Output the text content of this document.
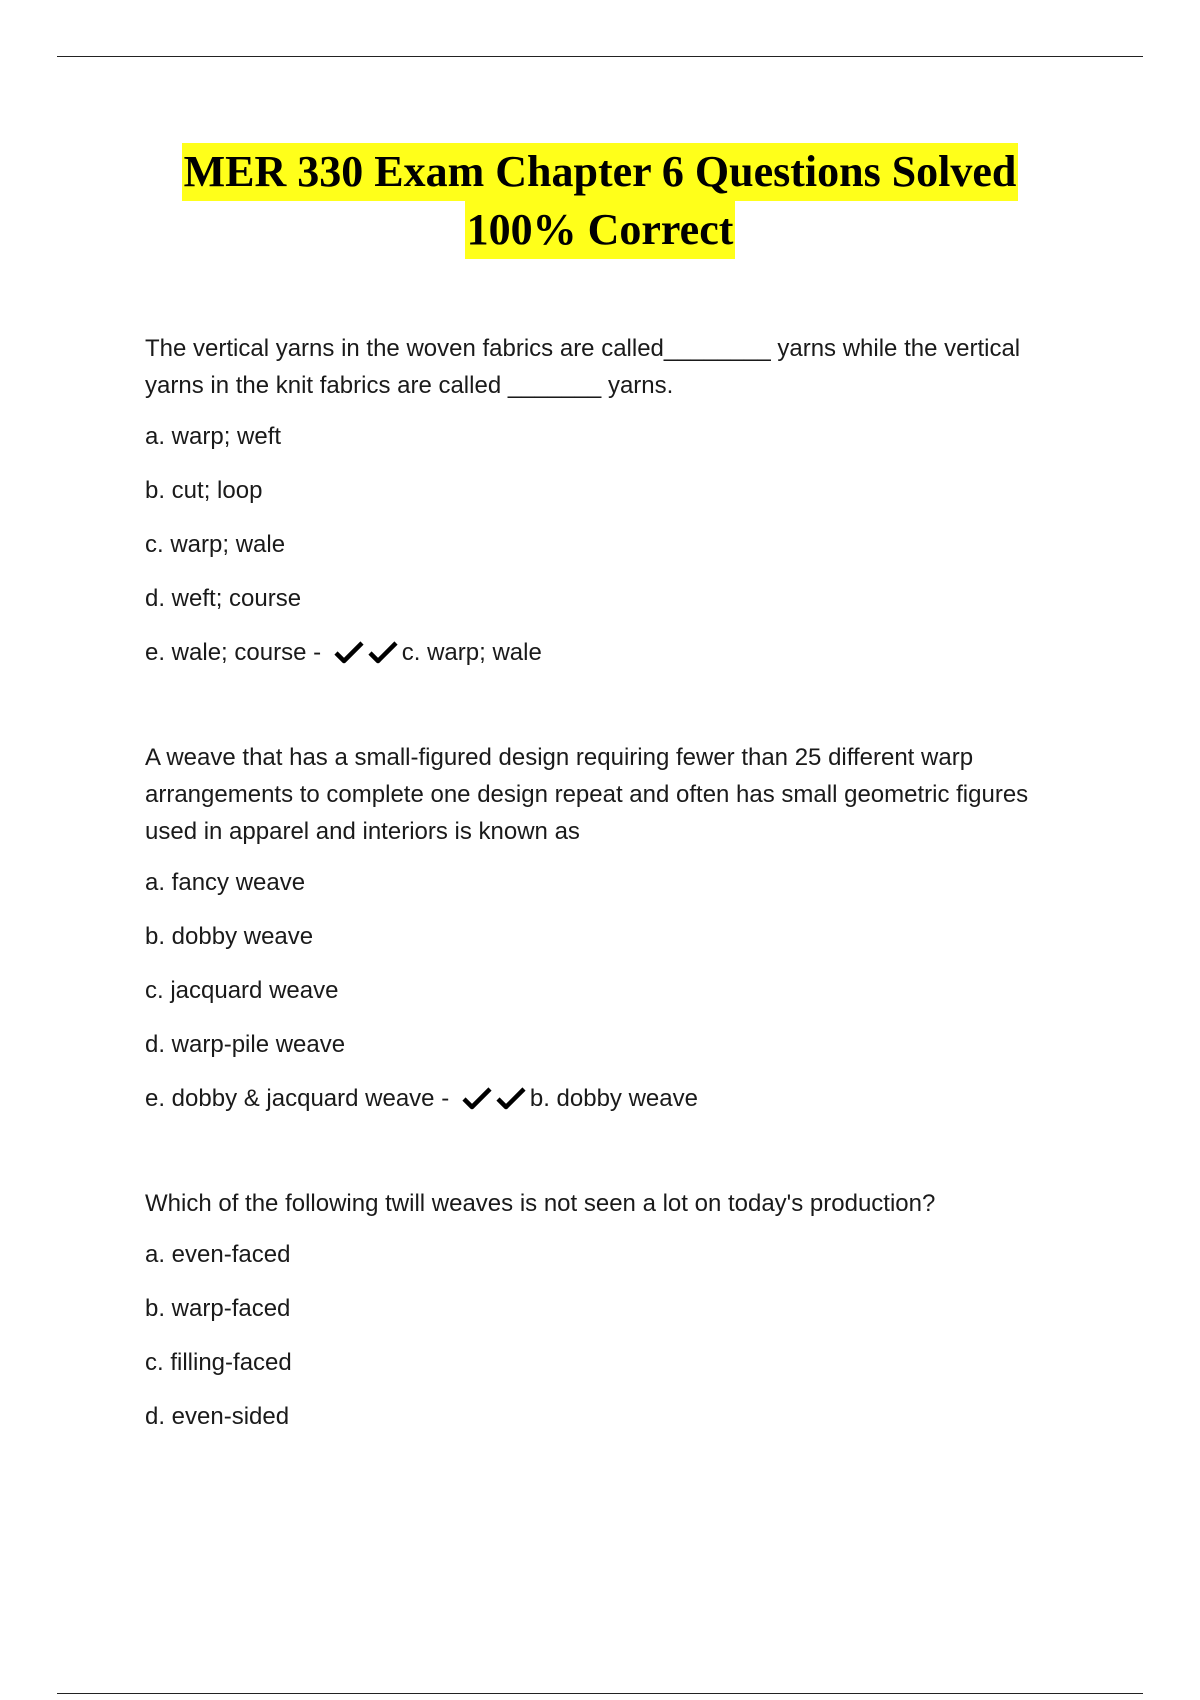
MER 330 Exam Chapter 6 Questions Solved
100% Correct
The vertical yarns in the woven fabrics are called________ yarns while the vertical yarns in the knit fabrics are called _______ yarns.
a. warp; weft
b. cut; loop
c. warp; wale
d. weft; course
e. wale; course -	c. warp; wale
A weave that has a small-figured design requiring fewer than 25 different warp arrangements to complete one design repeat and often has small geometric figures used in apparel and interiors is known as
a. fancy weave
b. dobby weave
c. jacquard weave
d. warp-pile weave
e. dobby & jacquard weave -	b. dobby weave
Which of the following twill weaves is not seen a lot on today's production?
a. even-faced
b. warp-faced
c. filling-faced
d. even-sided
